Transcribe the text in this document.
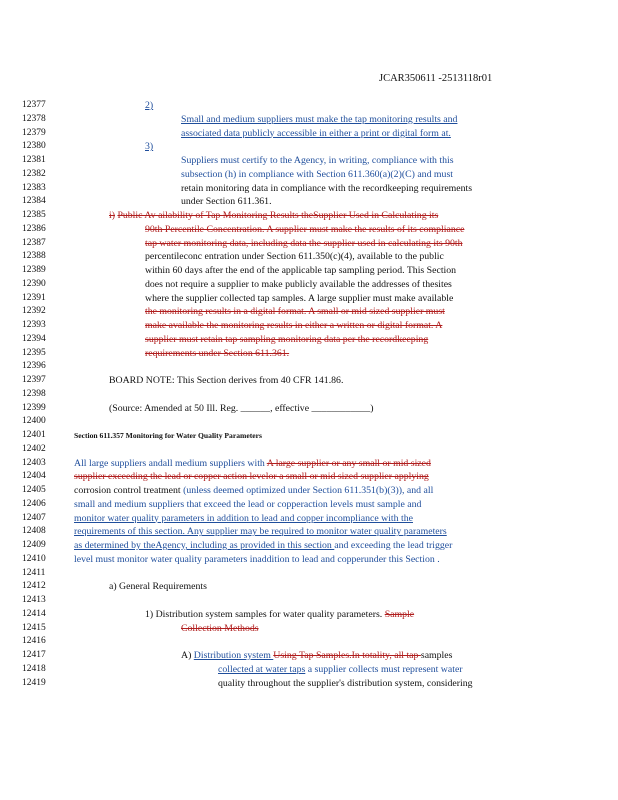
JCAR350611 -2513118r01
12377	2)
12378	Small and medium suppliers must make the tap monitoring results and
12379	associated data publicly accessible in either a print or digital form at.
12380	3)
12381	Suppliers must certify to the Agency, in writing, compliance with this
12382	subsection (h) in compliance with Section 611.360(a)(2)(C) and must
12383	retain monitoring data in compliance with the recordkeeping requirements
12384	under Section 611.361.
12385	i) Public Av ailability of Tap Monitoring Results theSupplier Used in Calculating its
12386	90th Percentile Concentration. A supplier must make the results of its compliance
12387	tap water monitoring data, including data the supplier used in calculating its 90th
12388	percentileconc entration under Section 611.350(c)(4), available to the public
12389	within 60 days after the end of the applicable tap sampling period. This Section
12390	does not require a supplier to make publicly available the addresses of thesites
12391	where the supplier collected tap samples. A large supplier must make available
12392	the monitoring results in a digital format. A small or mid sized supplier must
12393	make available the monitoring results in either a written or digital format. A
12394	supplier must retain tap sampling monitoring data per the recordkeeping
12395	requirements under Section 611.361.
12396
12397	BOARD NOTE: This Section derives from 40 CFR 141.86.
12398
12399	(Source: Amended at 50 Ill. Reg. ______, effective ____________)
12400
12401	Section 611.357 Monitoring for Water Quality Parameters
12402
12403	All large suppliers andall medium suppliers with A large supplier or any small or mid sized
12404	supplier exceeding the lead or copper action levelor a small or mid sized supplier applying
12405	corrosion control treatment (unless deemed optimized under Section 611.351(b)(3)), and all
12406	small and medium suppliers that exceed the lead or copperaction levels must sample and
12407	monitor water quality parameters in addition to lead and copper incompliance with the
12408	requirements of this section. Any supplier may be required to monitor water quality parameters
12409	as determined by theAgency, including as provided in this section and exceeding the lead trigger
12410	level must monitor water quality parameters inaddition to lead and copperunder this Section .
12411
12412	a) General Requirements
12413
12414	1) Distribution system samples for water quality parameters. Sample
12415	Collection Methods
12416
12417	A) Distribution system Using Tap Samples.In totality, all tap samples
12418	collected at water taps a supplier collects must represent water
12419	quality throughout the supplier's distribution system, considering
